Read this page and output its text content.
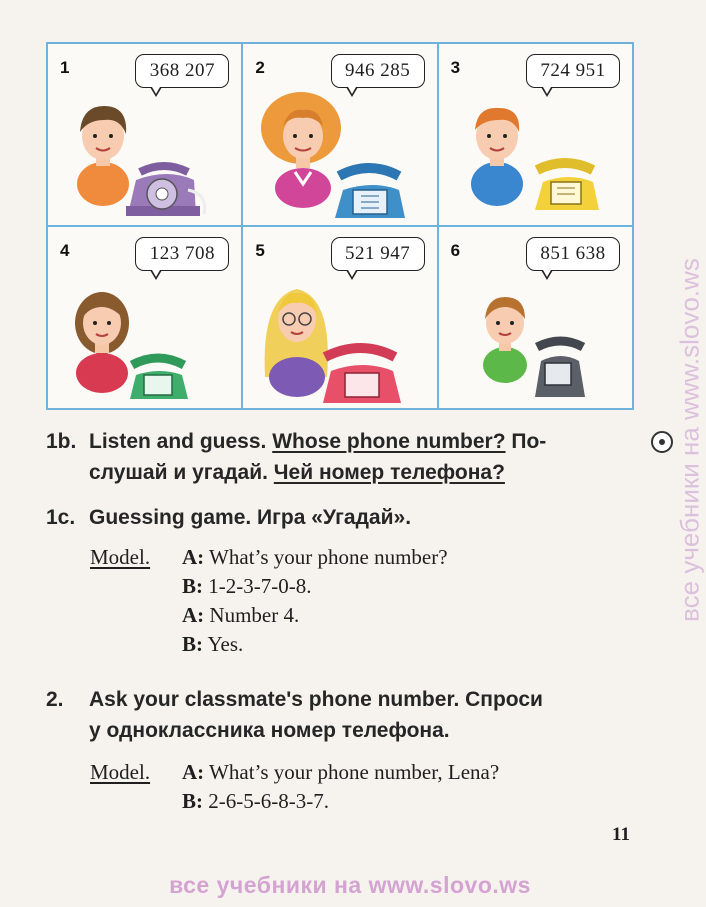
1	368 207	2	946 285	3	724 951
4	123 708	5	521 947	6	851 638
все учебники на www.slovo.ws
1b. Listen and guess. Whose phone number? По-
слушай и угадай. Чей номер телефона?
1c. Guessing game. Игра «Угадай».
Model. A: What’s your phone number?
B: 1-2-3-7-0-8.
A: Number 4.
B: Yes.
2. Ask your classmate's phone number. Спроси
у одноклассника номер телефона.
Model. A: What’s your phone number, Lena?
B: 2-6-5-6-8-3-7.
11
все учебники на www.slovo.ws
